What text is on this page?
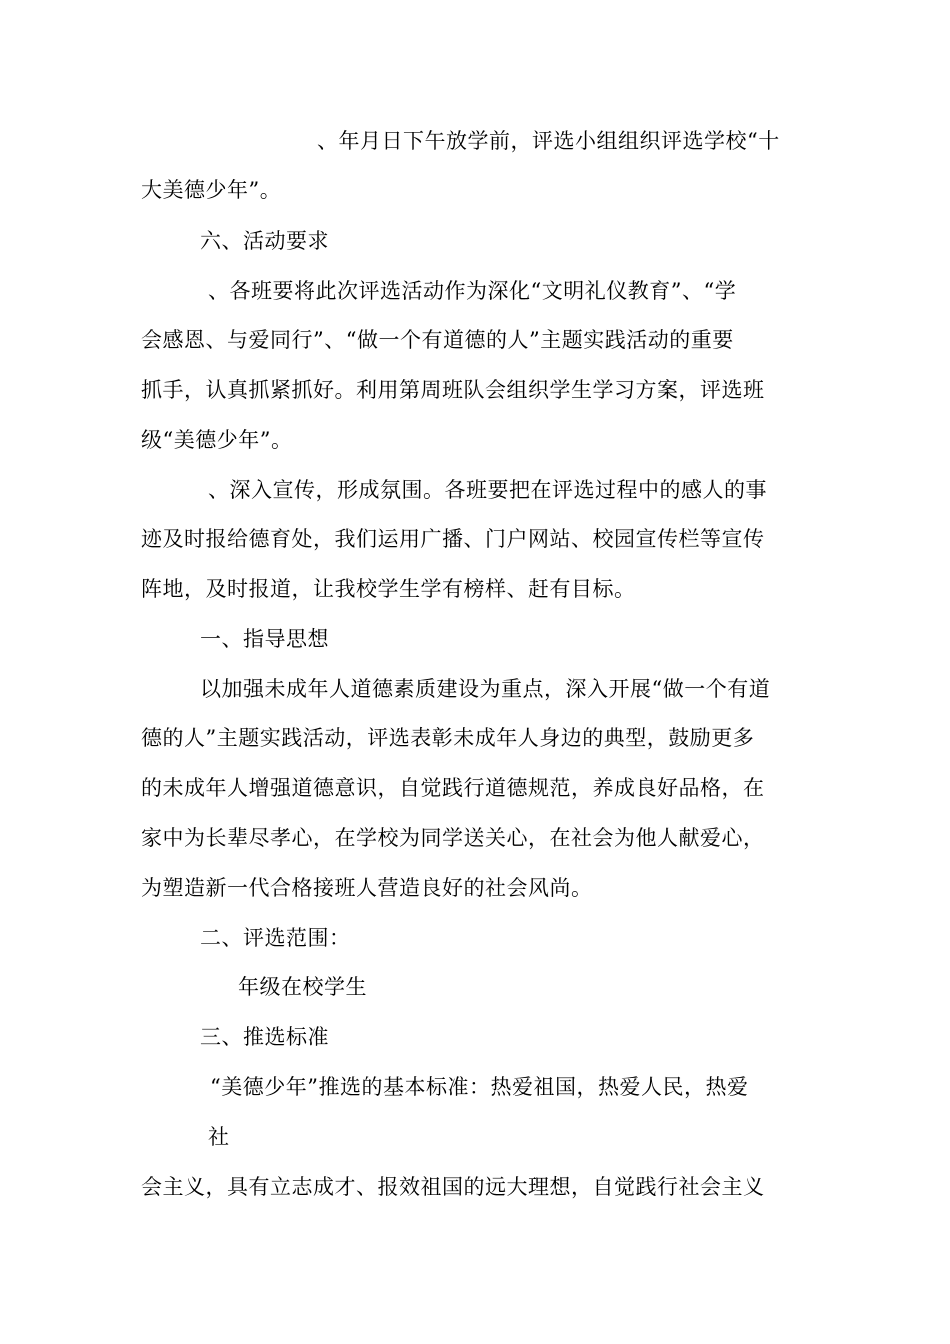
、年月日下午放学前，评选小组组织评选学校“十
大美德少年”。
六、活动要求
、各班要将此次评选活动作为深化“文明礼仪教育”、“学
会感恩、与爱同行”、“做一个有道德的人”主题实践活动的重要
抓手，认真抓紧抓好。利用第周班队会组织学生学习方案，评选班
级“美德少年”。
、深入宣传，形成氛围。各班要把在评选过程中的感人的事
迹及时报给德育处，我们运用广播、门户网站、校园宣传栏等宣传
阵地，及时报道，让我校学生学有榜样、赶有目标。
一、指导思想
以加强未成年人道德素质建设为重点，深入开展“做一个有道
德的人”主题实践活动，评选表彰未成年人身边的典型，鼓励更多
的未成年人增强道德意识，自觉践行道德规范，养成良好品格，在
家中为长辈尽孝心，在学校为同学送关心，在社会为他人献爱心，
为塑造新一代合格接班人营造良好的社会风尚。
二、评选范围：
年级在校学生
三、推选标准
“美德少年”推选的基本标准：热爱祖国，热爱人民，热爱
社
会主义，具有立志成才、报效祖国的远大理想，自觉践行社会主义
